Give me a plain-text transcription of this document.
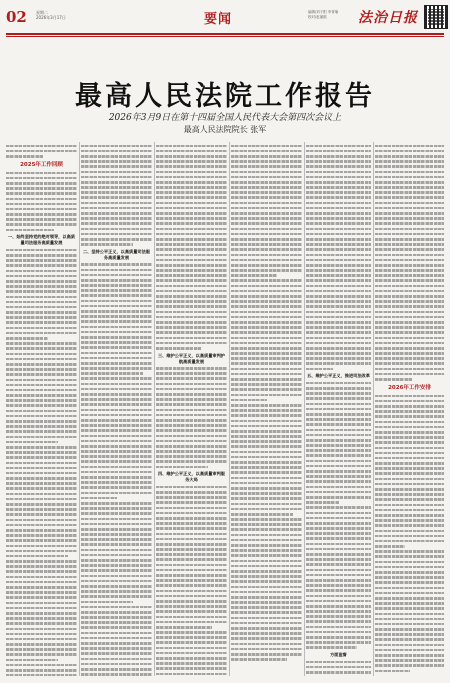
02 星期二
2026年3月17日	要闻	编辑/刘子阳 李青瑜
校对/赵丽鸥	法治日报
最高人民法院工作报告
2026年3月9日在第十四届全国人民代表大会第四次会议上
最高人民法院院长 张军
2025年工作回顾
一、始终坚持党的绝对领导，以高质量司法服务高质量发展
二、坚持公平正义，以高质量司法服务高质量发展
三、维护公平正义，以高质量审判护航高质量发展
四、维护公平正义，以高质量审判服务大局
五、维护公平正义，推进司法改革
方面监督
2026年工作安排
